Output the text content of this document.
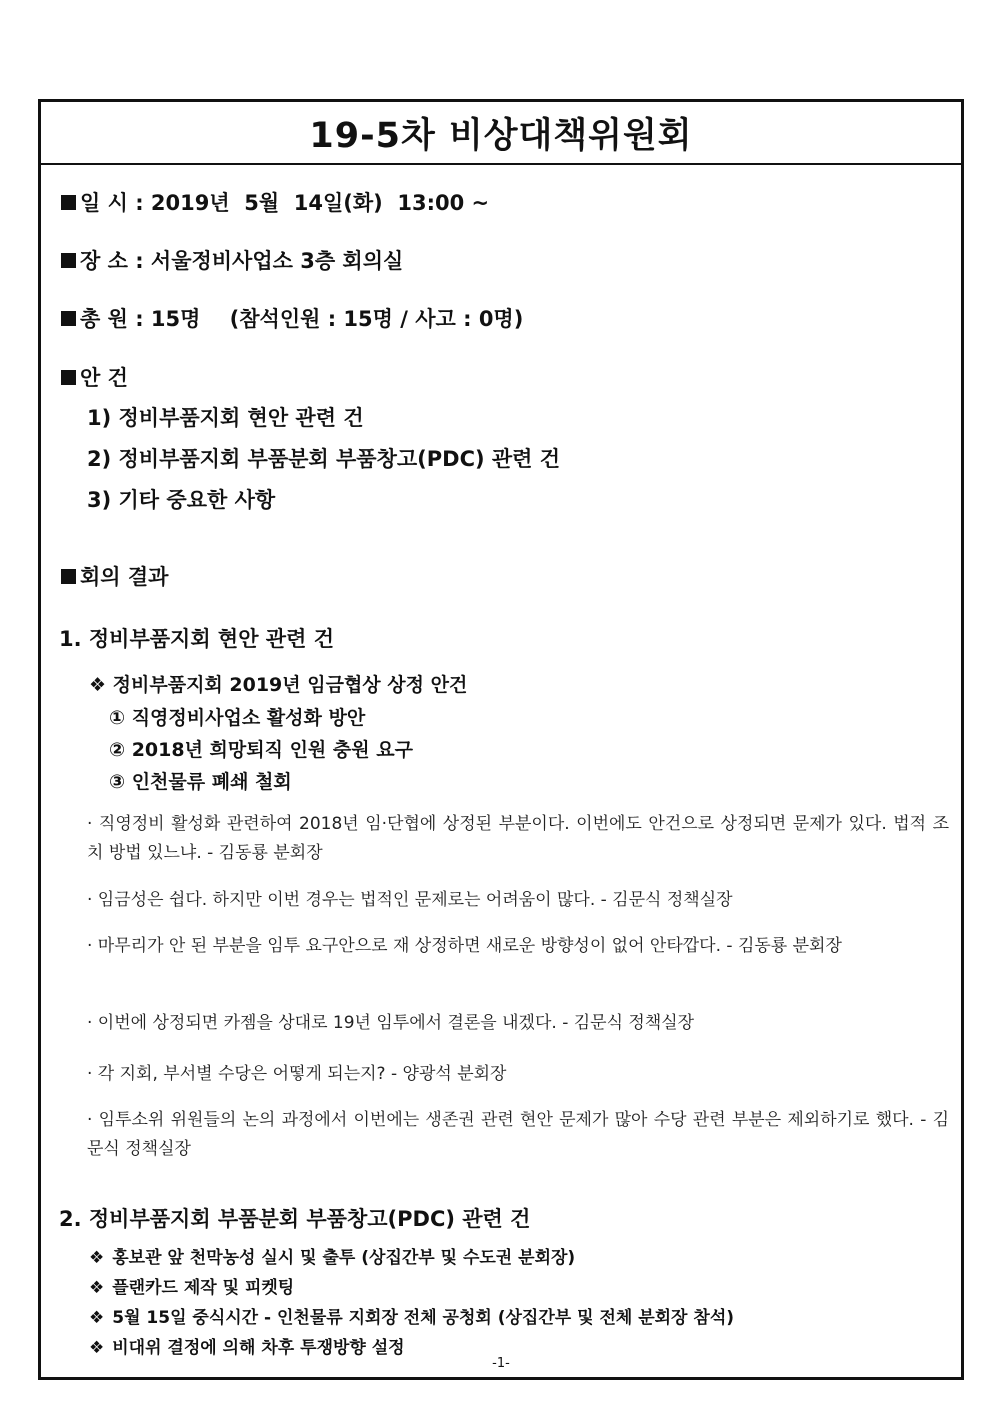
19-5차 비상대책위원회
일 시 : 2019년  5월  14일(화)  13:00 ~
장 소 : 서울정비사업소 3층 회의실
총 원 : 15명    (참석인원 : 15명 / 사고 : 0명)
안 건
1) 정비부품지회 현안 관련 건
2) 정비부품지회 부품분회 부품창고(PDC) 관련 건
3) 기타 중요한 사항
회의 결과
1. 정비부품지회 현안 관련 건
❖ 정비부품지회 2019년 임금협상 상정 안건
① 직영정비사업소 활성화 방안
② 2018년 희망퇴직 인원 충원 요구
③ 인천물류 폐쇄 철회
· 직영정비 활성화 관련하여 2018년 임·단협에 상정된 부분이다. 이번에도 안건으로 상정되면 문제가 있다. 법적 조치 방법 있느냐. - 김동룡 분회장
· 임금성은 쉽다. 하지만 이번 경우는 법적인 문제로는 어려움이 많다. - 김문식 정책실장
· 마무리가 안 된 부분을 임투 요구안으로 재 상정하면 새로운 방향성이 없어 안타깝다. - 김동룡 분회장
· 이번에 상정되면 카젬을 상대로 19년 임투에서 결론을 내겠다. - 김문식 정책실장
· 각 지회, 부서별 수당은 어떻게 되는지? - 양광석 분회장
· 임투소위 위원들의 논의 과정에서 이번에는 생존권 관련 현안 문제가 많아 수당 관련 부분은 제외하기로 했다. - 김문식 정책실장
2. 정비부품지회 부품분회 부품창고(PDC) 관련 건
❖ 홍보관 앞 천막농성 실시 및 출투 (상집간부 및 수도권 분회장)
❖ 플랜카드 제작 및 피켓팅
❖ 5월 15일 중식시간 - 인천물류 지회장 전체 공청회 (상집간부 및 전체 분회장 참석)
❖ 비대위 결정에 의해 차후 투쟁방향 설정
-1-
